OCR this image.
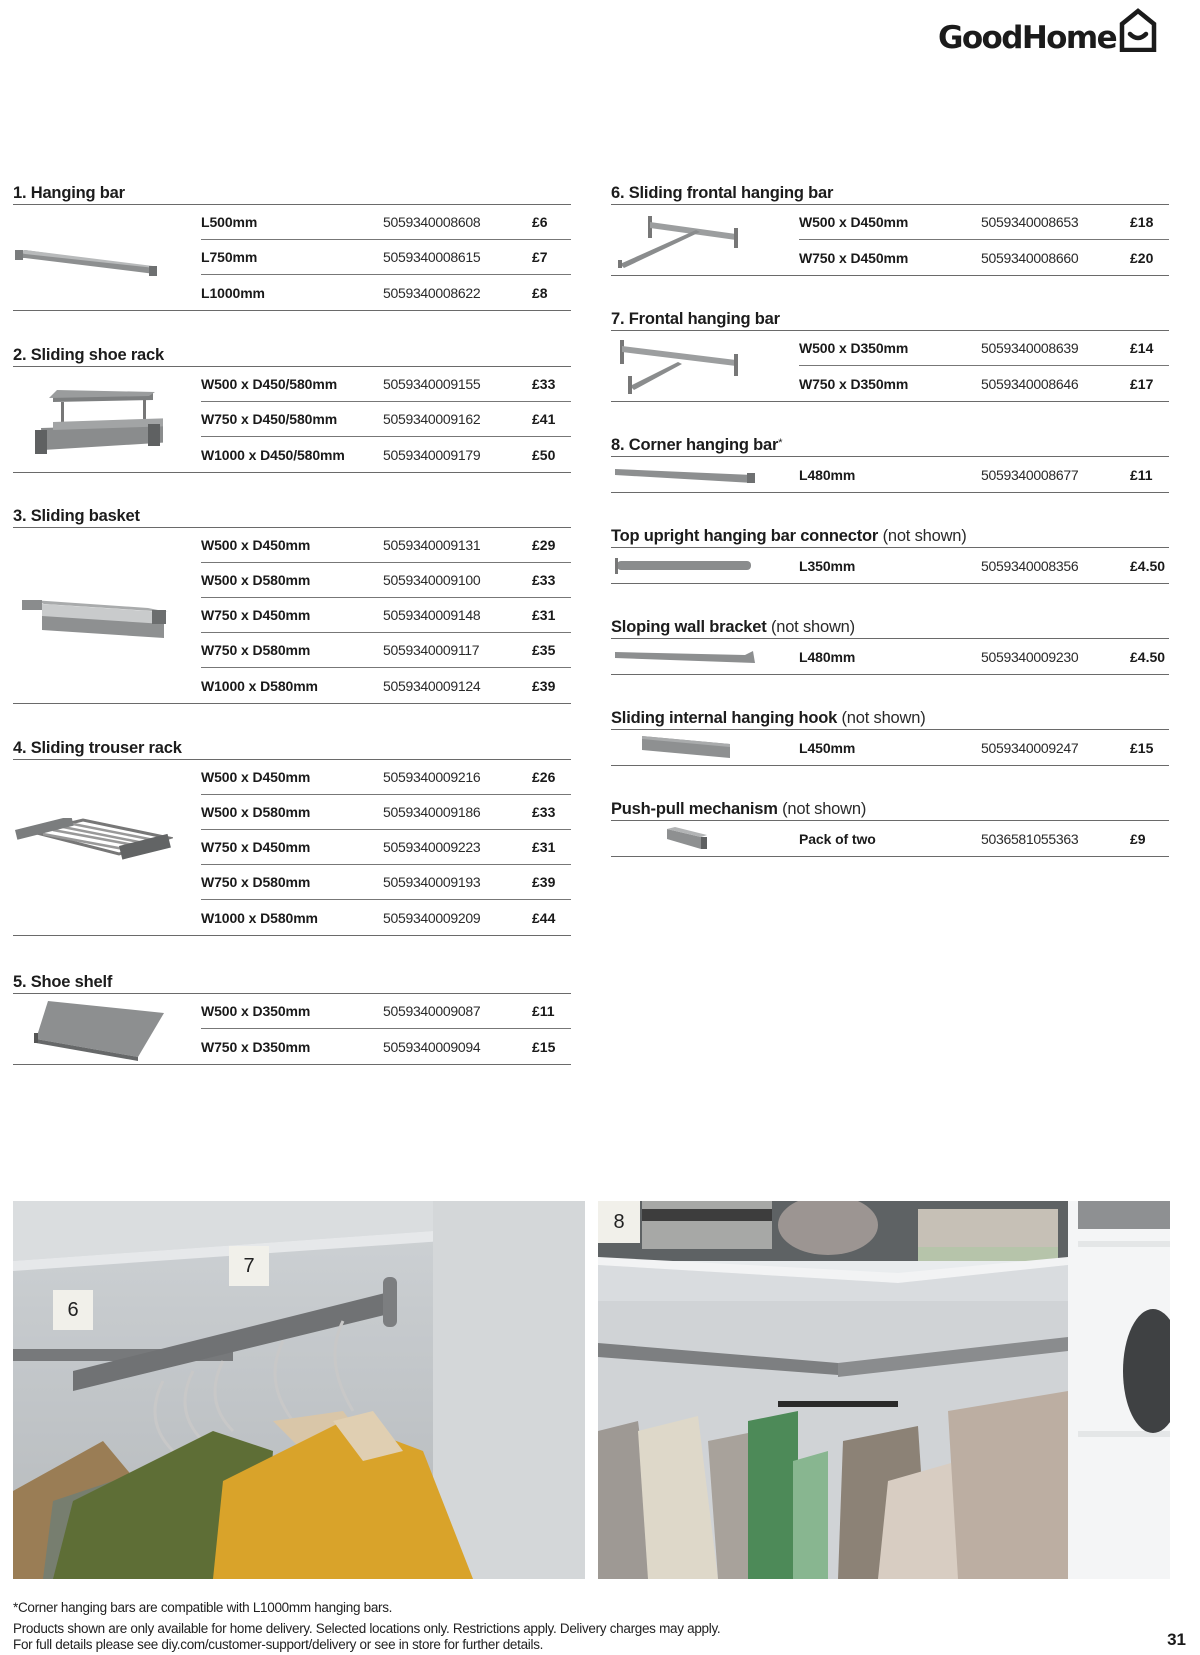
GoodHome
1. Hanging bar
L500mm	5059340008608	£6
L750mm	5059340008615	£7
L1000mm	5059340008622	£8
2. Sliding shoe rack
W500 x D450/580mm	5059340009155	£33
W750 x D450/580mm	5059340009162	£41
W1000 x D450/580mm	5059340009179	£50
3. Sliding basket
W500 x D450mm	5059340009131	£29
W500 x D580mm	5059340009100	£33
W750 x D450mm	5059340009148	£31
W750 x D580mm	5059340009117	£35
W1000 x D580mm	5059340009124	£39
4. Sliding trouser rack
W500 x D450mm	5059340009216	£26
W500 x D580mm	5059340009186	£33
W750 x D450mm	5059340009223	£31
W750 x D580mm	5059340009193	£39
W1000 x D580mm	5059340009209	£44
5. Shoe shelf
W500 x D350mm	5059340009087	£11
W750 x D350mm	5059340009094	£15
6. Sliding frontal hanging bar
W500 x D450mm	5059340008653	£18
W750 x D450mm	5059340008660	£20
7. Frontal hanging bar
W500 x D350mm	5059340008639	£14
W750 x D350mm	5059340008646	£17
8. Corner hanging bar*
L480mm	5059340008677	£11
Top upright hanging bar connector (not shown)
L350mm	5059340008356	£4.50
Sloping wall bracket (not shown)
L480mm	5059340009230	£4.50
Sliding internal hanging hook (not shown)
L450mm	5059340009247	£15
Push-pull mechanism (not shown)
Pack of two	5036581055363	£9
6
7
8
*Corner hanging bars are compatible with L1000mm hanging bars.
Products shown are only available for home delivery. Selected locations only. Restrictions apply. Delivery charges may apply.
For full details please see diy.com/customer-support/delivery or see in store for further details.	31
